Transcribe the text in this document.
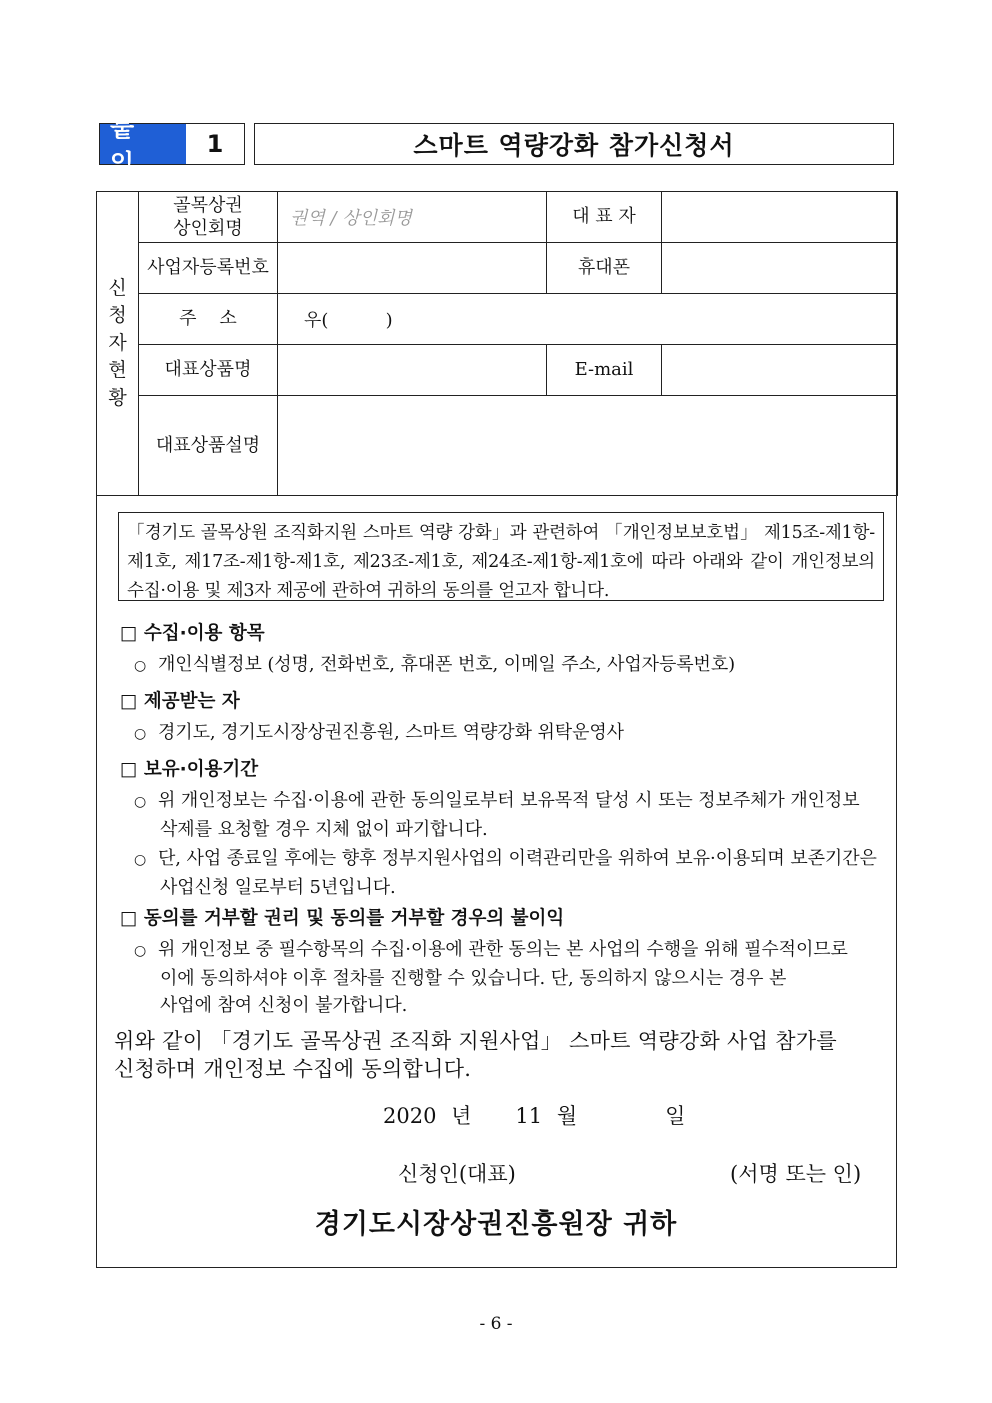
붙임
1	스마트 역량강화 참가신청서
신
청
자
현
황	골목상권
상인회명	권역 / 상인회명	대 표 자	
	사업자등록번호		휴대폰	
	주    소	우(          )		
	대표상품명		E-mail	
	대표상품설명			
「경기도 골목상원 조직화지원 스마트 역량 강화」과 관련하여 「개인정보보호법」 제15조-제1항-제1호, 제17조-제1항-제1호, 제23조-제1호, 제24조-제1항-제1호에 따라 아래와 같이 개인정보의 수집·이용 및 제3자 제공에 관하여 귀하의 동의를 얻고자 합니다.
□ 수집·이용 항목
○ 개인식별정보 (성명, 전화번호, 휴대폰 번호, 이메일 주소, 사업자등록번호)
□ 제공받는 자
○ 경기도, 경기도시장상권진흥원, 스마트 역량강화 위탁운영사
□ 보유·이용기간
○ 위 개인정보는 수집·이용에 관한 동의일로부터 보유목적 달성 시 또는 정보주체가 개인정보
삭제를 요청할 경우 지체 없이 파기합니다.
○ 단, 사업 종료일 후에는 향후 정부지원사업의 이력관리만을 위하여 보유·이용되며 보존기간은
사업신청 일로부터 5년입니다.
□ 동의를 거부할 권리 및 동의를 거부할 경우의 불이익
○ 위 개인정보 중 필수항목의 수집·이용에 관한 동의는 본 사업의 수행을 위해 필수적이므로
이에 동의하셔야 이후 절차를 진행할 수 있습니다. 단, 동의하지 않으시는 경우 본
사업에 참여 신청이 불가합니다.
위와 같이 「경기도 골목상권 조직화 지원사업」 스마트 역량강화 사업 참가를
신청하며 개인정보 수집에 동의합니다.
2020 년   11 월      일
신청인(대표)	(서명 또는 인)
경기도시장상권진흥원장 귀하
- 6 -
